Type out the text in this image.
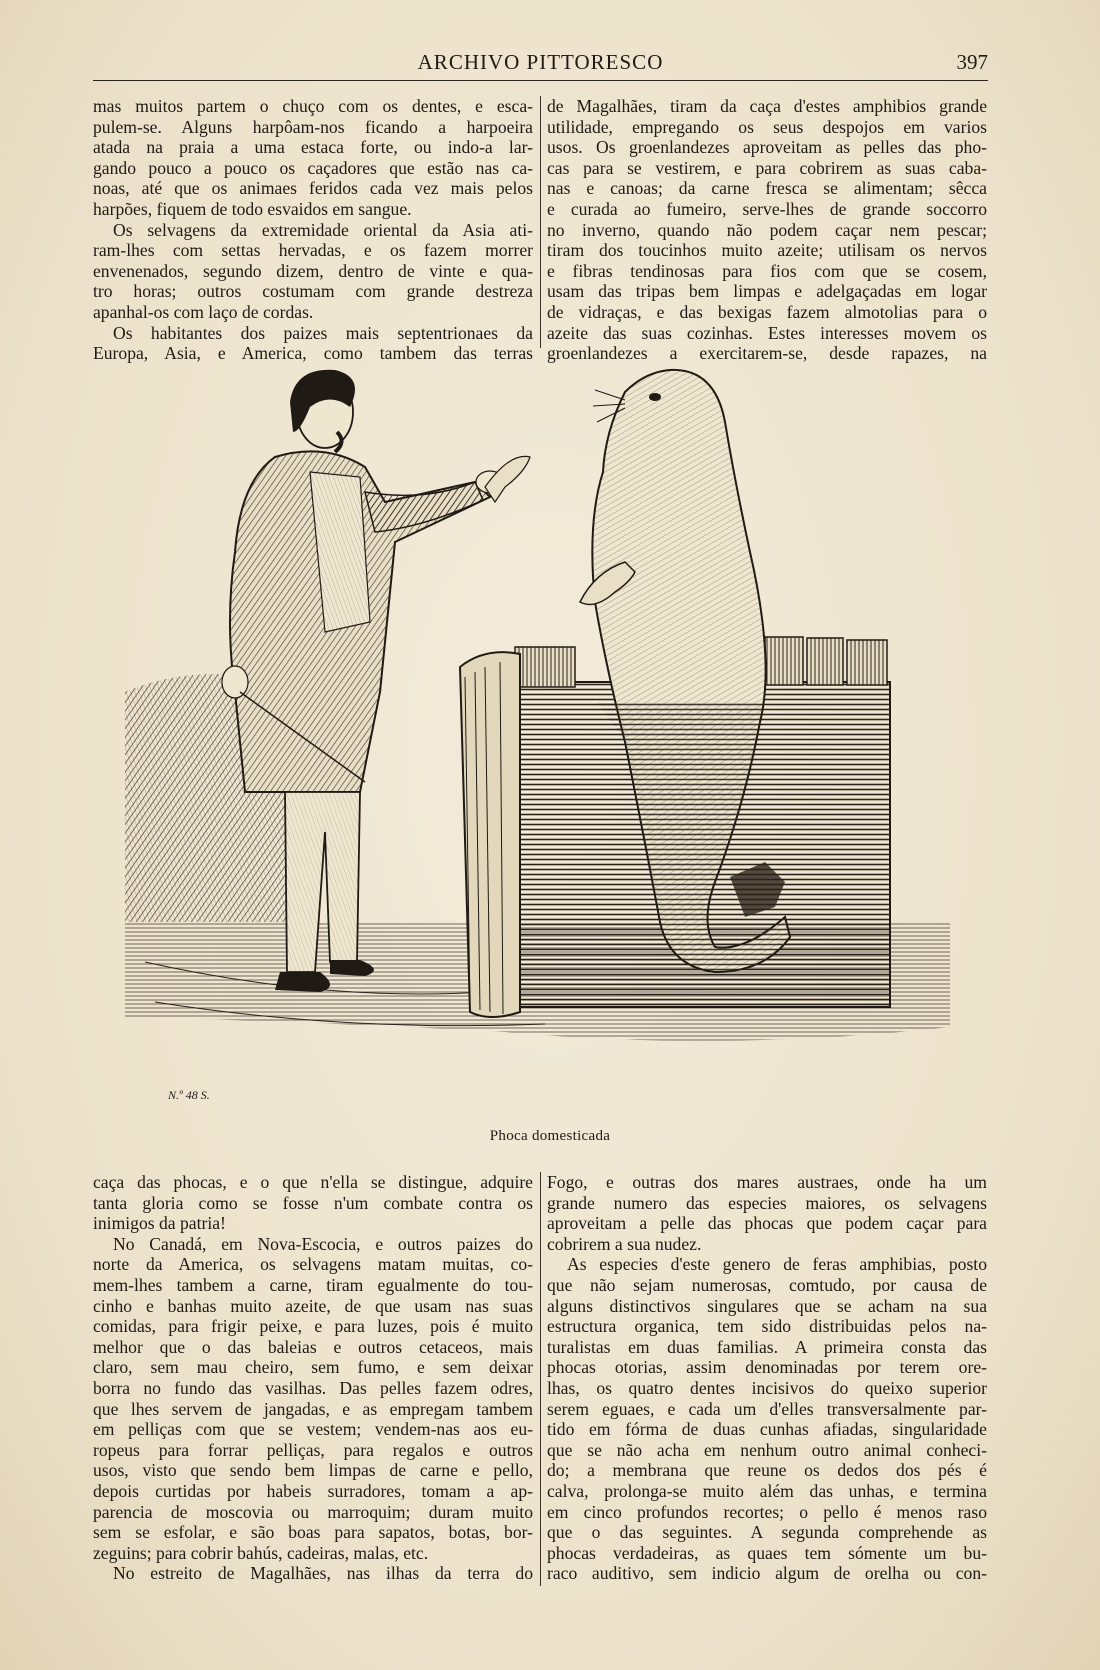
ARCHIVO PITTORESCO	397
mas muitos partem o chuço com os dentes, e esca-
pulem-se. Alguns harpôam-nos ficando a harpoeira
atada na praia a uma estaca forte, ou indo-a lar-
gando pouco a pouco os caçadores que estão nas ca-
noas, até que os animaes feridos cada vez mais pelos
harpões, fiquem de todo esvaidos em sangue.
Os selvagens da extremidade oriental da Asia ati-
ram-lhes com settas hervadas, e os fazem morrer
envenenados, segundo dizem, dentro de vinte e qua-
tro horas; outros costumam com grande destreza
apanhal-os com laço de cordas.
Os habitantes dos paizes mais septentrionaes da
Europa, Asia, e America, como tambem das terras
de Magalhães, tiram da caça d'estes amphibios grande
utilidade, empregando os seus despojos em varios
usos. Os groenlandezes aproveitam as pelles das pho-
cas para se vestirem, e para cobrirem as suas caba-
nas e canoas; da carne fresca se alimentam; sêcca
e curada ao fumeiro, serve-lhes de grande soccorro
no inverno, quando não podem caçar nem pescar;
tiram dos toucinhos muito azeite; utilisam os nervos
e fibras tendinosas para fios com que se cosem,
usam das tripas bem limpas e adelgaçadas em logar
de vidraças, e das bexigas fazem almotolias para o
azeite das suas cozinhas. Estes interesses movem os
groenlandezes a exercitarem-se, desde rapazes, na
N.º 48 S.
Phoca domesticada
caça das phocas, e o que n'ella se distingue, adquire
tanta gloria como se fosse n'um combate contra os
inimigos da patria!
No Canadá, em Nova-Escocia, e outros paizes do
norte da America, os selvagens matam muitas, co-
mem-lhes tambem a carne, tiram egualmente do tou-
cinho e banhas muito azeite, de que usam nas suas
comidas, para frigir peixe, e para luzes, pois é muito
melhor que o das baleias e outros cetaceos, mais
claro, sem mau cheiro, sem fumo, e sem deixar
borra no fundo das vasilhas. Das pelles fazem odres,
que lhes servem de jangadas, e as empregam tambem
em pelliças com que se vestem; vendem-nas aos eu-
ropeus para forrar pelliças, para regalos e outros
usos, visto que sendo bem limpas de carne e pello,
depois curtidas por habeis surradores, tomam a ap-
parencia de moscovia ou marroquim; duram muito
sem se esfolar, e são boas para sapatos, botas, bor-
zeguins; para cobrir bahús, cadeiras, malas, etc.
No estreito de Magalhães, nas ilhas da terra do
Fogo, e outras dos mares austraes, onde ha um
grande numero das especies maiores, os selvagens
aproveitam a pelle das phocas que podem caçar para
cobrirem a sua nudez.
As especies d'este genero de feras amphibias, posto
que não sejam numerosas, comtudo, por causa de
alguns distinctivos singulares que se acham na sua
estructura organica, tem sido distribuidas pelos na-
turalistas em duas familias. A primeira consta das
phocas otorias, assim denominadas por terem ore-
lhas, os quatro dentes incisivos do queixo superior
serem eguaes, e cada um d'elles transversalmente par-
tido em fórma de duas cunhas afiadas, singularidade
que se não acha em nenhum outro animal conheci-
do; a membrana que reune os dedos dos pés é
calva, prolonga-se muito além das unhas, e termina
em cinco profundos recortes; o pello é menos raso
que o das seguintes. A segunda comprehende as
phocas verdadeiras, as quaes tem sómente um bu-
raco auditivo, sem indicio algum de orelha ou con-
